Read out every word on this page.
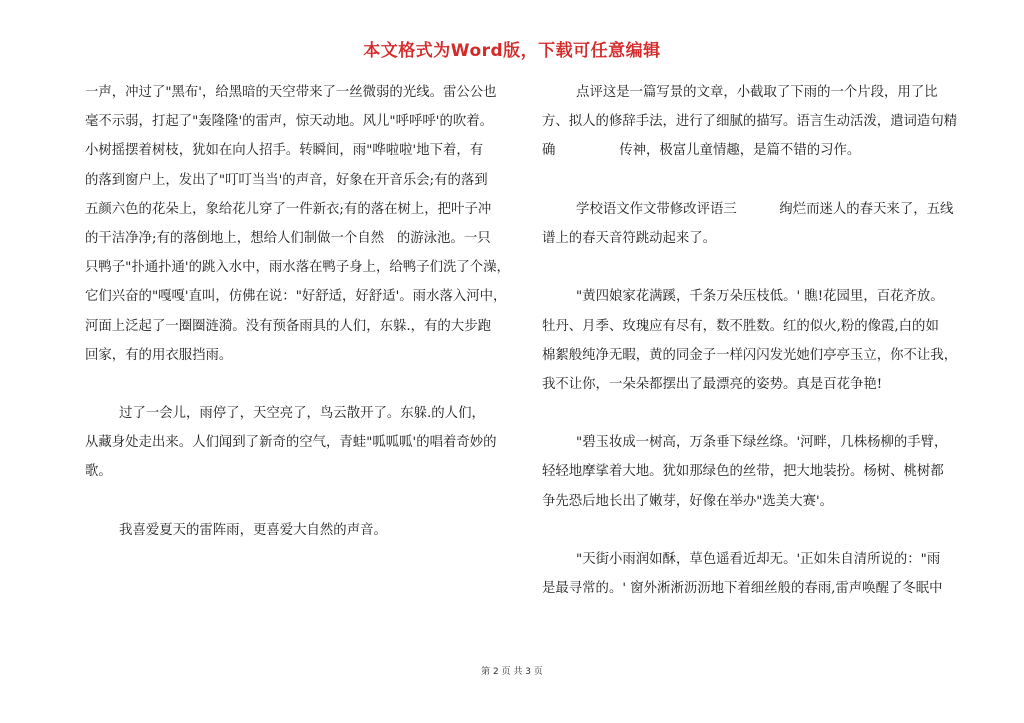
本文格式为Word版，下载可任意编辑
一声，冲过了"黑布'，给黑暗的天空带来了一丝微弱的光线。雷公公也
毫不示弱，打起了"轰隆隆'的雷声，惊天动地。风儿"呼呼呼'的吹着。
小树摇摆着树枝，犹如在向人招手。转瞬间，雨"哗啦啦'地下着，有
的落到窗户上，发出了"叮叮当当'的声音，好象在开音乐会;有的落到
五颜六色的花朵上，象给花儿穿了一件新衣;有的落在树上，把叶子冲
的干洁净净;有的落倒地上，想给人们制做一个自然   的游泳池。一只
只鸭子"扑通扑通'的跳入水中，雨水落在鸭子身上，给鸭子们洗了个澡，
它们兴奋的"嘎嘎'直叫，仿佛在说："好舒适，好舒适'。雨水落入河中，
河面上泛起了一圈圈涟漪。没有预备雨具的人们，东躲.，有的大步跑
回家，有的用衣服挡雨。
过了一会儿，雨停了，天空亮了，鸟云散开了。东躲.的人们，
从藏身处走出来。人们闻到了新奇的空气，青蛙"呱呱呱'的唱着奇妙的
歌。
我喜爱夏天的雷阵雨，更喜爱大自然的声音。
点评这是一篇写景的文章，小截取了下雨的一个片段，用了比
方、拟人的修辞手法，进行了细腻的描写。语言生动活泼，遣词造句精
确               传神，极富儿童情趣，是篇不错的习作。
学校语文作文带修改评语三          绚烂而迷人的春天来了，五线
谱上的春天音符跳动起来了。
"黄四娘家花满蹊，千条万朵压枝低。' 瞧!花园里，百花齐放。
牡丹、月季、玫瑰应有尽有，数不胜数。红的似火,粉的像霞,白的如
棉絮般纯净无暇，黄的同金子一样闪闪发光她们亭亭玉立，你不让我，
我不让你，一朵朵都摆出了最漂亮的姿势。真是百花争艳!
"碧玉妆成一树高，万条垂下绿丝绦。'河畔，几株杨柳的手臂，
轻轻地摩挲着大地。犹如那绿色的丝带，把大地装扮。杨树、桃树都
争先恐后地长出了嫩芽，好像在举办"选美大赛'。
"天街小雨润如酥，草色遥看近却无。'正如朱自清所说的："雨
是最寻常的。' 窗外淅淅沥沥地下着细丝般的春雨,雷声唤醒了冬眠中
第 2 页 共 3 页
